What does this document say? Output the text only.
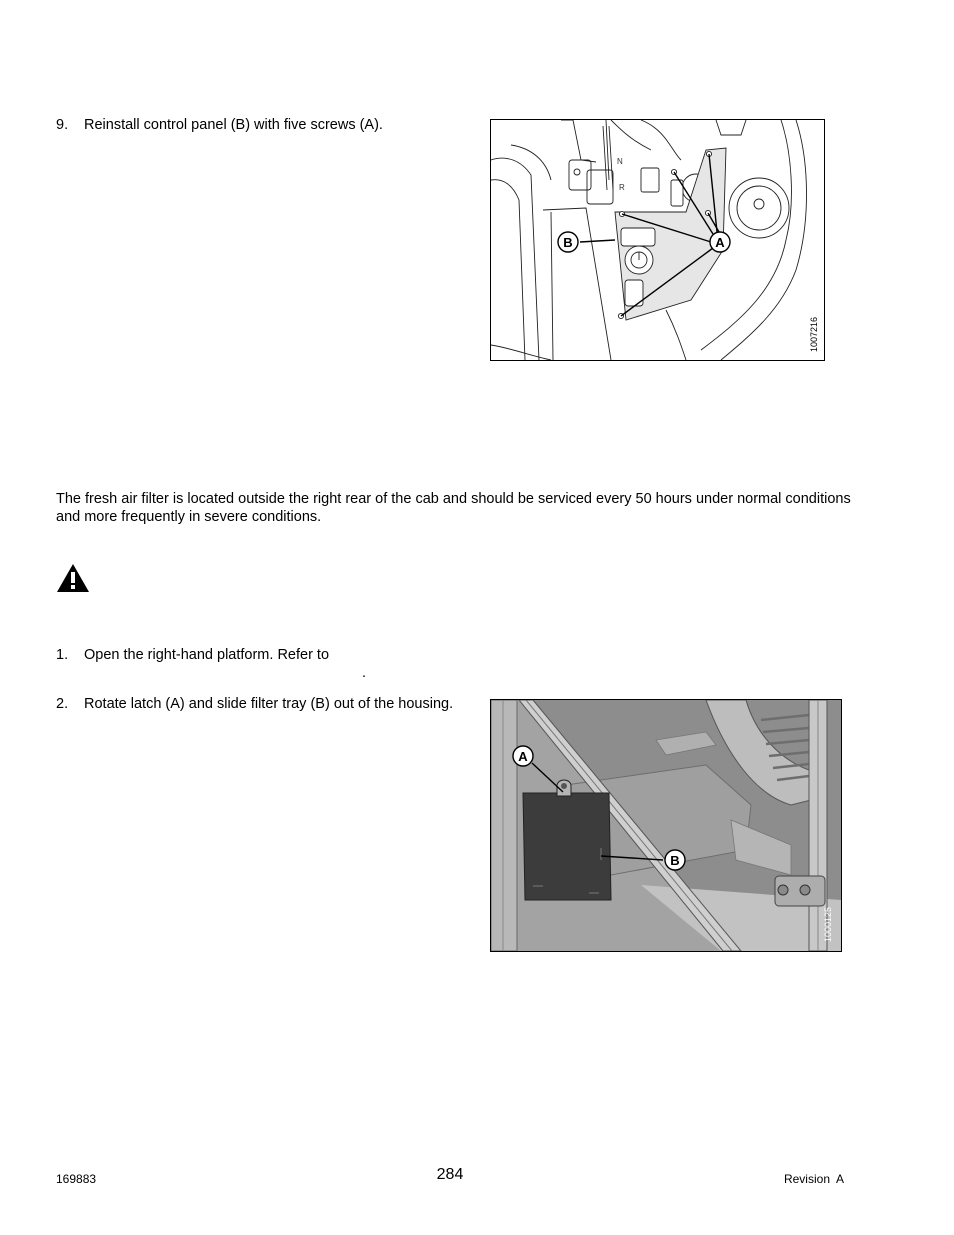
9. Reinstall control panel (B) with five screws (A).
N
R
B	A
1007216
The fresh air filter is located outside the right rear of the cab and should be serviced every 50 hours under normal conditions and more frequently in severe conditions.
1. Open the right-hand platform. Refer to
.
2. Rotate latch (A) and slide filter tray (B) out of the housing.
A
B
1000125
169883	284	Revision  A
